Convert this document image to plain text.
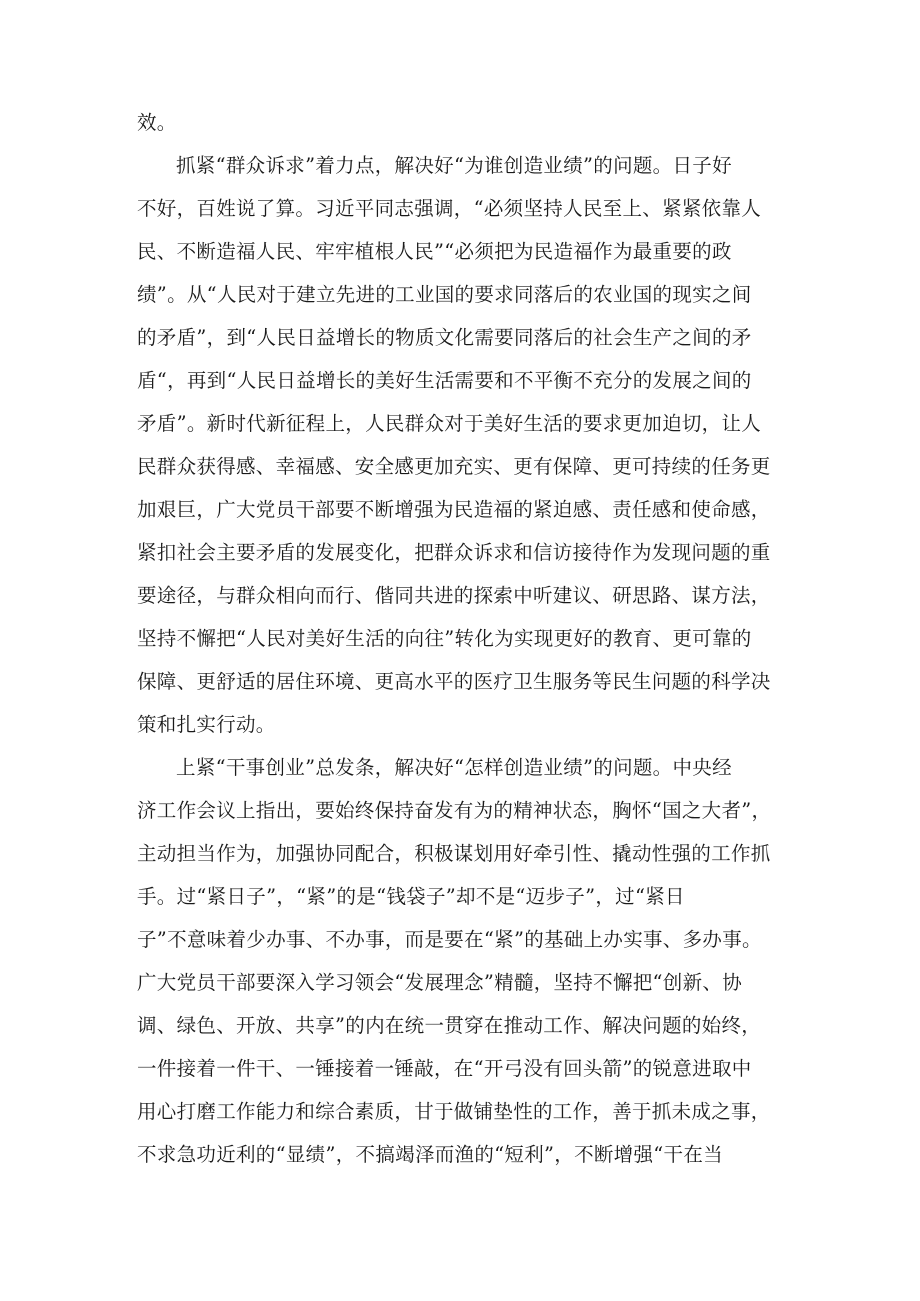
效。
抓紧“群众诉求”着力点，解决好“为谁创造业绩”的问题。日子好
不好，百姓说了算。习近平同志强调，“必须坚持人民至上、紧紧依靠人
民、不断造福人民、牢牢植根人民”“必须把为民造福作为最重要的政
绩”。从“人民对于建立先进的工业国的要求同落后的农业国的现实之间
的矛盾”，到“人民日益增长的物质文化需要同落后的社会生产之间的矛
盾“，再到“人民日益增长的美好生活需要和不平衡不充分的发展之间的
矛盾”。新时代新征程上，人民群众对于美好生活的要求更加迫切，让人
民群众获得感、幸福感、安全感更加充实、更有保障、更可持续的任务更
加艰巨，广大党员干部要不断增强为民造福的紧迫感、责任感和使命感，
紧扣社会主要矛盾的发展变化，把群众诉求和信访接待作为发现问题的重
要途径，与群众相向而行、偕同共进的探索中听建议、研思路、谋方法，
坚持不懈把“人民对美好生活的向往”转化为实现更好的教育、更可靠的
保障、更舒适的居住环境、更高水平的医疗卫生服务等民生问题的科学决
策和扎实行动。
上紧“干事创业”总发条，解决好“怎样创造业绩”的问题。中央经
济工作会议上指出，要始终保持奋发有为的精神状态，胸怀“国之大者”，
主动担当作为，加强协同配合，积极谋划用好牵引性、撬动性强的工作抓
手。过“紧日子”，“紧”的是“钱袋子”却不是“迈步子”，过“紧日
子”不意味着少办事、不办事，而是要在“紧”的基础上办实事、多办事。
广大党员干部要深入学习领会“发展理念”精髓，坚持不懈把“创新、协
调、绿色、开放、共享”的内在统一贯穿在推动工作、解决问题的始终，
一件接着一件干、一锤接着一锤敲，在“开弓没有回头箭”的锐意进取中
用心打磨工作能力和综合素质，甘于做铺垫性的工作，善于抓未成之事，
不求急功近利的“显绩”，不搞竭泽而渔的“短利”，不断增强“干在当
